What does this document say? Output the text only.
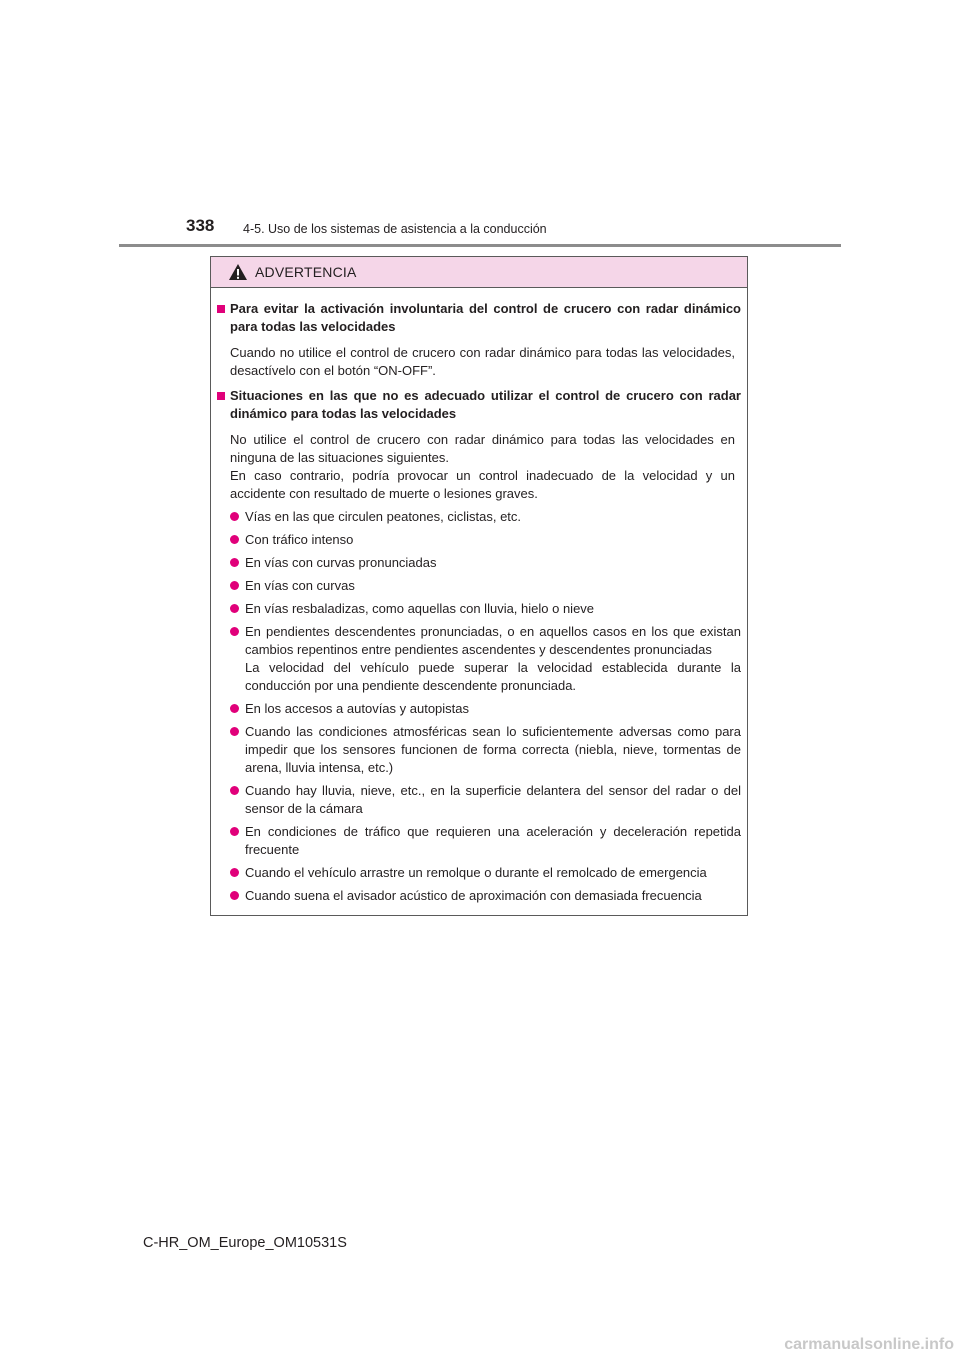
338 4-5. Uso de los sistemas de asistencia a la conducción
ADVERTENCIA
Para evitar la activación involuntaria del control de crucero con radar dinámico para todas las velocidades
Cuando no utilice el control de crucero con radar dinámico para todas las velocidades, desactívelo con el botón “ON-OFF”.
Situaciones en las que no es adecuado utilizar el control de crucero con radar dinámico para todas las velocidades
No utilice el control de crucero con radar dinámico para todas las velocidades en ninguna de las situaciones siguientes.
En caso contrario, podría provocar un control inadecuado de la velocidad y un accidente con resultado de muerte o lesiones graves.
Vías en las que circulen peatones, ciclistas, etc.
Con tráfico intenso
En vías con curvas pronunciadas
En vías con curvas
En vías resbaladizas, como aquellas con lluvia, hielo o nieve
En pendientes descendentes pronunciadas, o en aquellos casos en los que existan cambios repentinos entre pendientes ascendentes y descendentes pronunciadas
La velocidad del vehículo puede superar la velocidad establecida durante la conducción por una pendiente descendente pronunciada.
En los accesos a autovías y autopistas
Cuando las condiciones atmosféricas sean lo suficientemente adversas como para impedir que los sensores funcionen de forma correcta (niebla, nieve, tormentas de arena, lluvia intensa, etc.)
Cuando hay lluvia, nieve, etc., en la superficie delantera del sensor del radar o del sensor de la cámara
En condiciones de tráfico que requieren una aceleración y deceleración repetida frecuente
Cuando el vehículo arrastre un remolque o durante el remolcado de emergencia
Cuando suena el avisador acústico de aproximación con demasiada frecuencia
C-HR_OM_Europe_OM10531S
carmanualsonline.info
